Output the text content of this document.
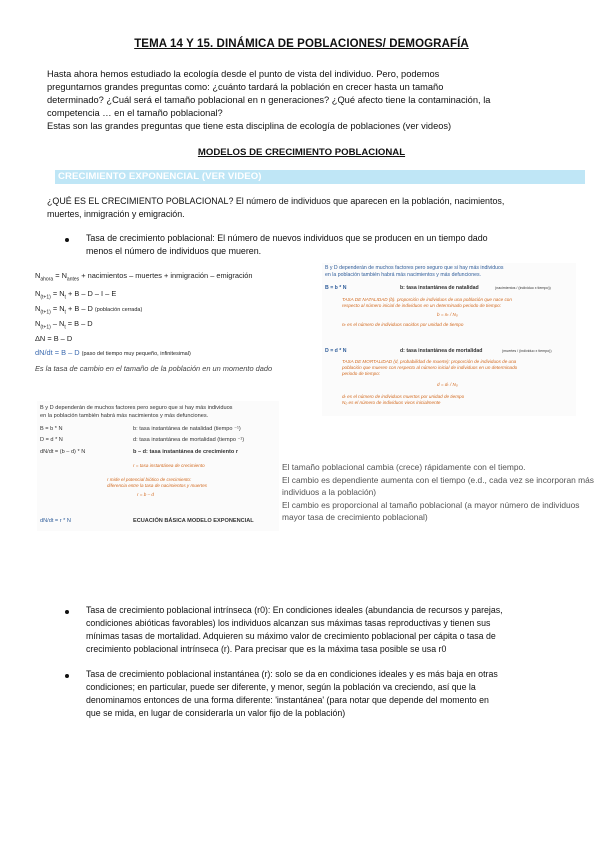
TEMA 14 Y 15. DINÁMICA DE POBLACIONES/ DEMOGRAFÍA
Hasta ahora hemos estudiado la ecología desde el punto de vista del individuo. Pero, podemos
preguntarnos grandes preguntas como: ¿cuánto tardará la población en crecer hasta un tamaño
determinado? ¿Cuál será el tamaño poblacional en n generaciones? ¿Qué afecto tiene la contaminación, la
competencia … en el tamaño poblacional?
Estas son las grandes preguntas que tiene esta disciplina de ecología de poblaciones (ver videos)
MODELOS DE CRECIMIENTO POBLACIONAL
CRECIMIENTO EXPONENCIAL (VER VIDEO)
¿QUÉ ES EL CRECIMIENTO POBLACIONAL? El número de individuos que aparecen en la población, nacimientos,
muertes, inmigración y emigración.
Tasa de crecimiento poblacional: El número de nuevos individuos que se producen en un tiempo dado
menos el número de individuos que mueren.
$N_{ahora} = N_{antes}$ + nacimientos – muertes + inmigración – emigración
$N_{(t+1)} = N_t + B - D - I - E$
$N_{(t+1)} = N_t + B - D$ (población cerrada)
$N_{(t+1)} - N_t = B - D$
ΔN = B – D
dN/dt = B – D (paso del tiempo muy pequeño, infinitesimal)
Es la tasa de cambio en el tamaño de la población en un momento dado
B y D dependerán de muchos factores pero seguro que si hay más individuos
en la población también habrá más nacimientos y más defunciones.
B = b * N	b: tasa instantánea de natalidad	(nacimientos / (individuo x tiempo))
TASA DE NATALIDAD (b). proporción de individuos de una población que nace con
respecto al número inicial de individuos en un determinado periodo de tiempo:
b = nₜ / N₀
nₜ es el número de individuos nacidos por unidad de tiempo
D = d * N	d: tasa instantánea de mortalidad	(muertes / (individuo x tiempo))
TASA DE MORTALIDAD (d, probabilidad de muerte): proporción de individuos de una
población que mueren con respecto al número inicial de individuos en un determinado
periodo de tiempo:
d = dₜ / N₀
dₜ es el número de individuos muertos por unidad de tiempo
N₀ es el número de individuos vivos inicialmente
B y D dependerán de muchos factores pero seguro que si hay más individuos
en la población también habrá más nacimientos y más defunciones.
B = b * N	b: tasa instantánea de natalidad (tiempo ⁻¹)
D = d * N	d: tasa instantánea de mortalidad (tiempo ⁻¹)
dN/dt = (b – d) * N	b – d: tasa instantánea de crecimiento r
r = tasa instantánea de crecimiento
r mide el potencial biótico de crecimiento:
diferencia entre la tasa de nacimientos y muertes
r = b – d
dN/dt = r * N	ECUACIÓN BÁSICA MODELO EXPONENCIAL
El tamaño poblacional cambia (crece) rápidamente con el tiempo.
El cambio es dependiente aumenta con el tiempo (e.d., cada vez se incorporan más
individuos a la población)
El cambio es proporcional al tamaño poblacional (a mayor número de individuos
mayor tasa de crecimiento poblacional)
Tasa de crecimiento poblacional intrínseca (r0): En condiciones ideales (abundancia de recursos y parejas,
condiciones abióticas favorables) los individuos alcanzan sus máximas tasas reproductivas y tienen sus
mínimas tasas de mortalidad. Adquieren su máximo valor de crecimiento poblacional per cápita o tasa de
crecimiento poblacional intrínseca (r). Para precisar que es la máxima tasa posible se usa r0
Tasa de crecimiento poblacional instantánea (r): solo se da en condiciones ideales y es más baja en otras
condiciones; en particular, puede ser diferente, y menor, según la población va creciendo, así que la
denominamos entonces de una forma diferente: 'instantánea' (para notar que depende del momento en
que se mida, en lugar de considerarla un valor fijo de la población)
